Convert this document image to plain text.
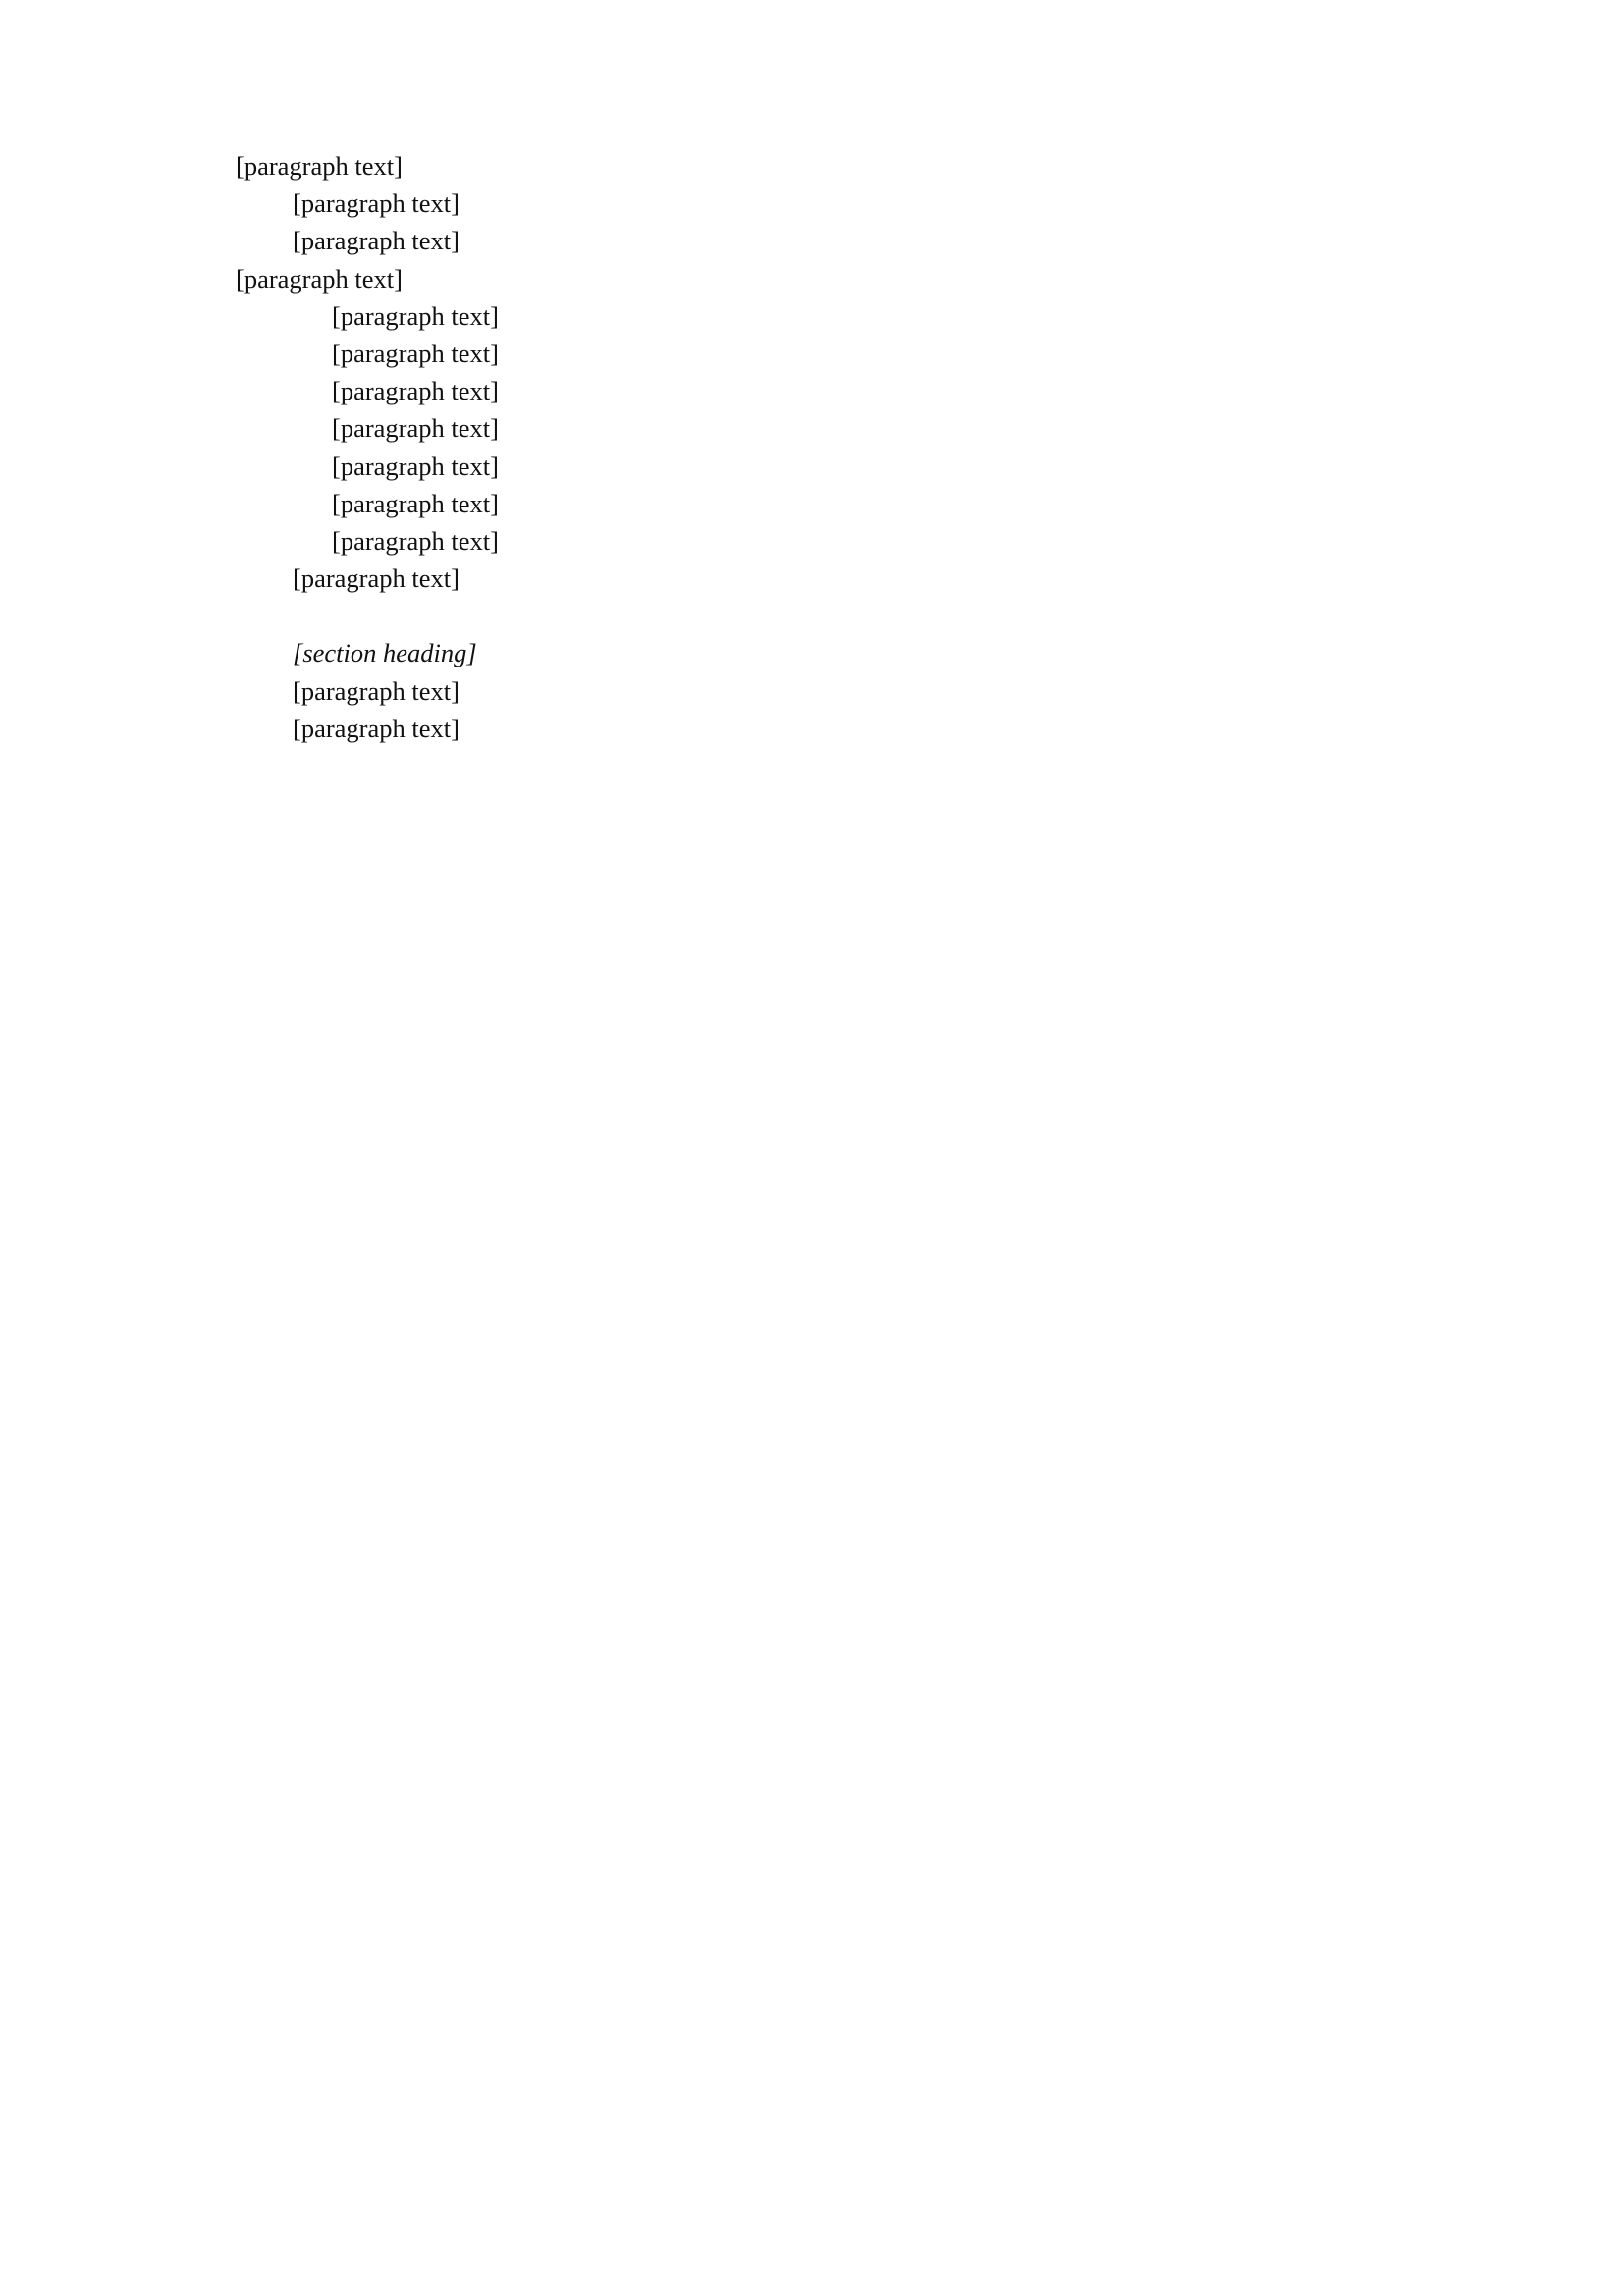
[paragraph text]

[paragraph text]

[paragraph text]

[paragraph text]

[paragraph text]

[paragraph text]

[paragraph text]

[paragraph text]

[paragraph text]

[paragraph text]

[paragraph text]

[paragraph text]

[section heading]

[paragraph text]

[paragraph text]
